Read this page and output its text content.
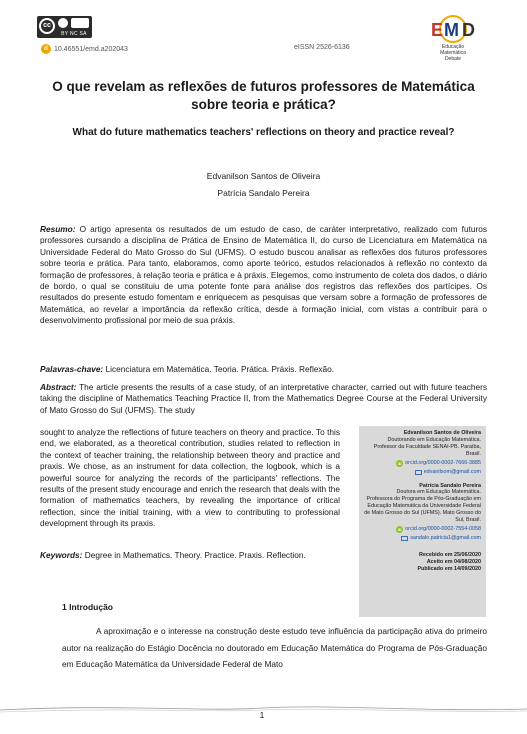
cc
BY NC SA
d 10.46551/emd.a202043	eISSN 2526-6136
E M D
Educação
Matemática
Debate
O que revelam as reflexões de futuros professores de Matemática sobre teoria e prática?
What do future mathematics teachers' reflections on theory and practice reveal?
Edvanilson Santos de Oliveira
Patrícia Sandalo Pereira
Resumo: O artigo apresenta os resultados de um estudo de caso, de caráter interpretativo, realizado com futuros professores cursando a disciplina de Prática de Ensino de Matemática II, do curso de Licenciatura em Matemática na Universidade Federal do Mato Grosso do Sul (UFMS). O estudo buscou analisar as reflexões dos futuros professores sobre teoria e prática. Para tanto, elaboramos, como aporte teórico, estudos relacionados à reflexão no contexto da formação de professores, à relação teoria e prática e à práxis. Elegemos, como instrumento de coleta dos dados, o diário de bordo, o qual se constituiu de uma potente fonte para análise dos registros das reflexões dos partícipes. Os resultados do presente estudo fomentam e enriquecem as pesquisas que versam sobre a formação de professores de Matemática, ao revelar a importância da reflexão crítica, desde a formação inicial, com vistas a contribuir para o desenvolvimento profissional por meio de sua práxis.
Palavras-chave: Licenciatura em Matemática. Teoria. Prática. Práxis. Reflexão.
Abstract: The article presents the results of a case study, of an interpretative character, carried out with future teachers taking the discipline of Mathematics Teaching Practice II, from the Mathematics Degree Course at the Federal University of Mato Grosso do Sul (UFMS). The study
sought to analyze the reflections of future teachers on theory and practice. To this end, we elaborated, as a theoretical contribution, studies related to reflection in the context of teacher training, the relationship between theory and practice and praxis. We chose, as an instrument for data collection, the logbook, which is a powerful source for analyzing the records of the participants' reflections. The results of the present study encourage and enrich the research that deals with the formation of mathematics teachers, by revealing the importance of critical reflection, since the initial training, with a view to contributing to professional development through its praxis.
Keywords: Degree in Mathematics. Theory. Practice. Praxis. Reflection.
Edvanilson Santos de Oliveira
Doutorando em Educação Matemática.
Professor da Faculdade SENAI-PB. Paraíba, Brasil.
iD orcid.org/0000-0002-7666-3885
edvanilsom@gmail.com
Patrícia Sandalo Pereira
Doutora em Educação Matemática.
Professora do Programa de Pós-Graduação em Educação Matemática da Universidade Federal de Mato Grosso do Sul (UFMS). Mato Grosso do Sul, Brasil.
iD orcid.org/0000-0002-7554-0058
sandalo.patricia1@gmail.com
Recebido em 25/06/2020
Aceito em 04/08/2020
Publicado em 14/09/2020
1 Introdução
A aproximação e o interesse na construção deste estudo teve influência da participação ativa do primeiro autor na realização do Estágio Docência no doutorado em Educação Matemática do Programa de Pós-Graduação em Educação Matemática da Universidade Federal de Mato
1
